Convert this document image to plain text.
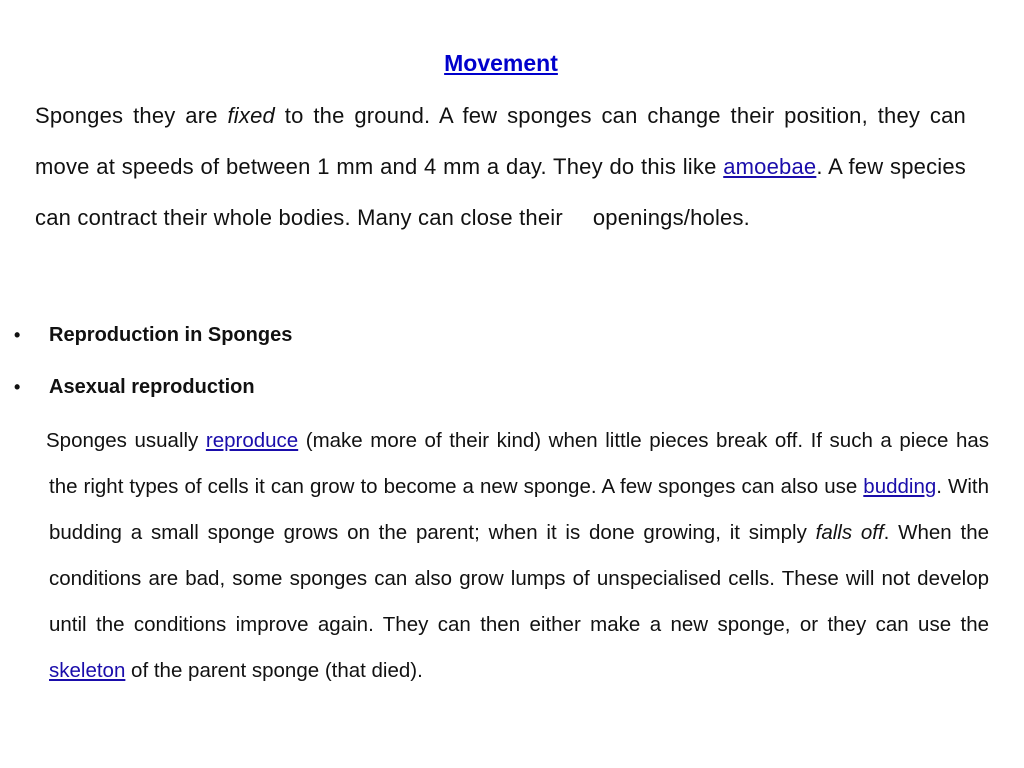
Movement

Sponges they are fixed to the ground. A few sponges can change their position, they can move at speeds of between 1 mm and 4 mm a day. They do this like amoebae. A few species can contract their whole bodies. Many can close their openings/holes.

• Reproduction in Sponges
• Asexual reproduction

Sponges usually reproduce (make more of their kind) when little pieces break off. If such a piece has the right types of cells it can grow to become a new sponge. A few sponges can also use budding. With budding a small sponge grows on the parent; when it is done growing, it simply falls off. When the conditions are bad, some sponges can also grow lumps of unspecialised cells. These will not develop until the conditions improve again. They can then either make a new sponge, or they can use the skeleton of the parent sponge (that died).
